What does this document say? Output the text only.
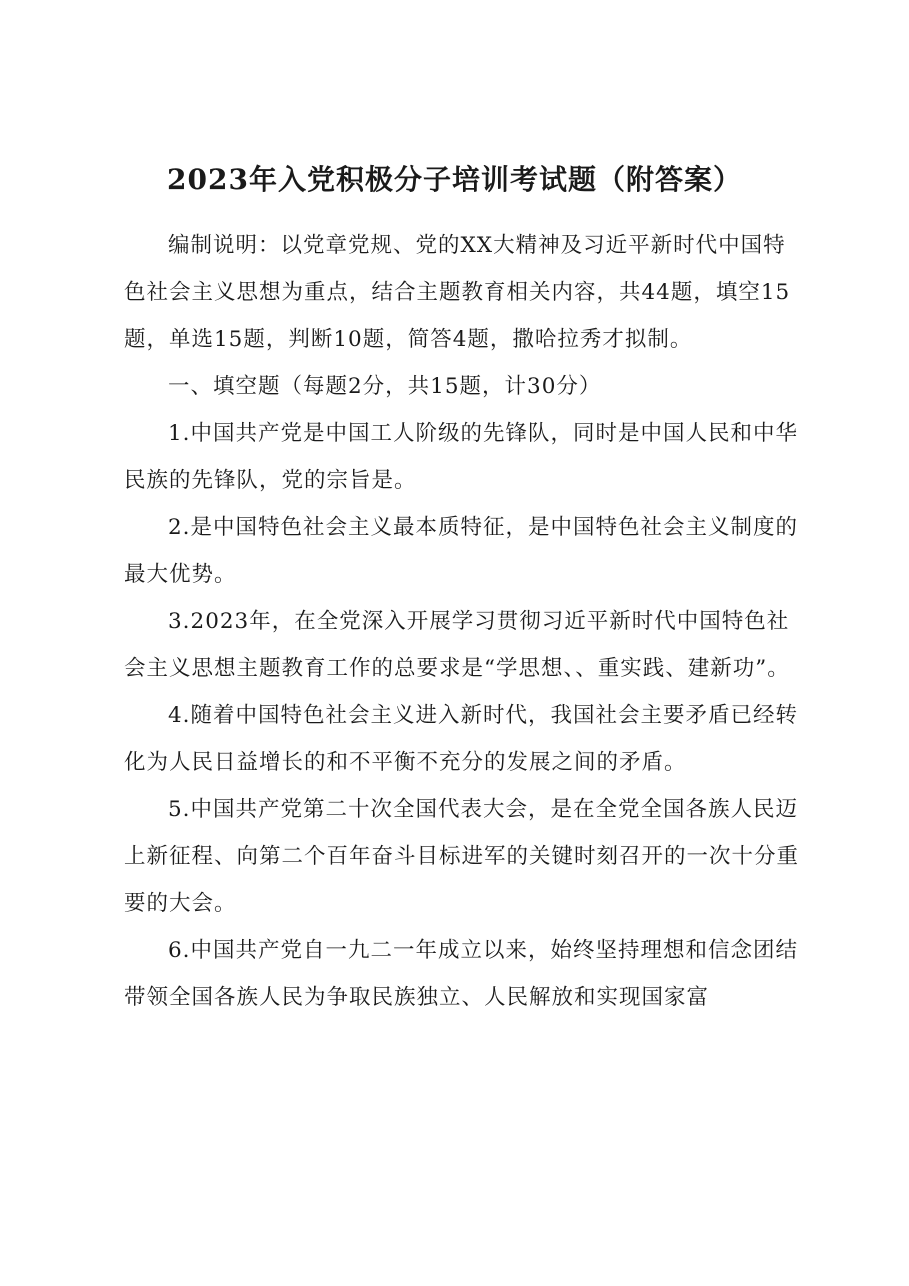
2023年入党积极分子培训考试题（附答案）

编制说明：以党章党规、党的XX大精神及习近平新时代中国特色社会主义思想为重点，结合主题教育相关内容，共44题，填空15题，单选15题，判断10题，简答4题，撒哈拉秀才拟制。

一、填空题（每题2分，共15题，计30分）

1.中国共产党是中国工人阶级的先锋队，同时是中国人民和中华民族的先锋队，党的宗旨是。

2.是中国特色社会主义最本质特征，是中国特色社会主义制度的最大优势。

3.2023年，在全党深入开展学习贯彻习近平新时代中国特色社会主义思想主题教育工作的总要求是“学思想、、重实践、建新功”。

4.随着中国特色社会主义进入新时代，我国社会主要矛盾已经转化为人民日益增长的和不平衡不充分的发展之间的矛盾。

5.中国共产党第二十次全国代表大会，是在全党全国各族人民迈上新征程、向第二个百年奋斗目标进军的关键时刻召开的一次十分重要的大会。

6.中国共产党自一九二一年成立以来，始终坚持理想和信念团结带领全国各族人民为争取民族独立、人民解放和实现国家富
